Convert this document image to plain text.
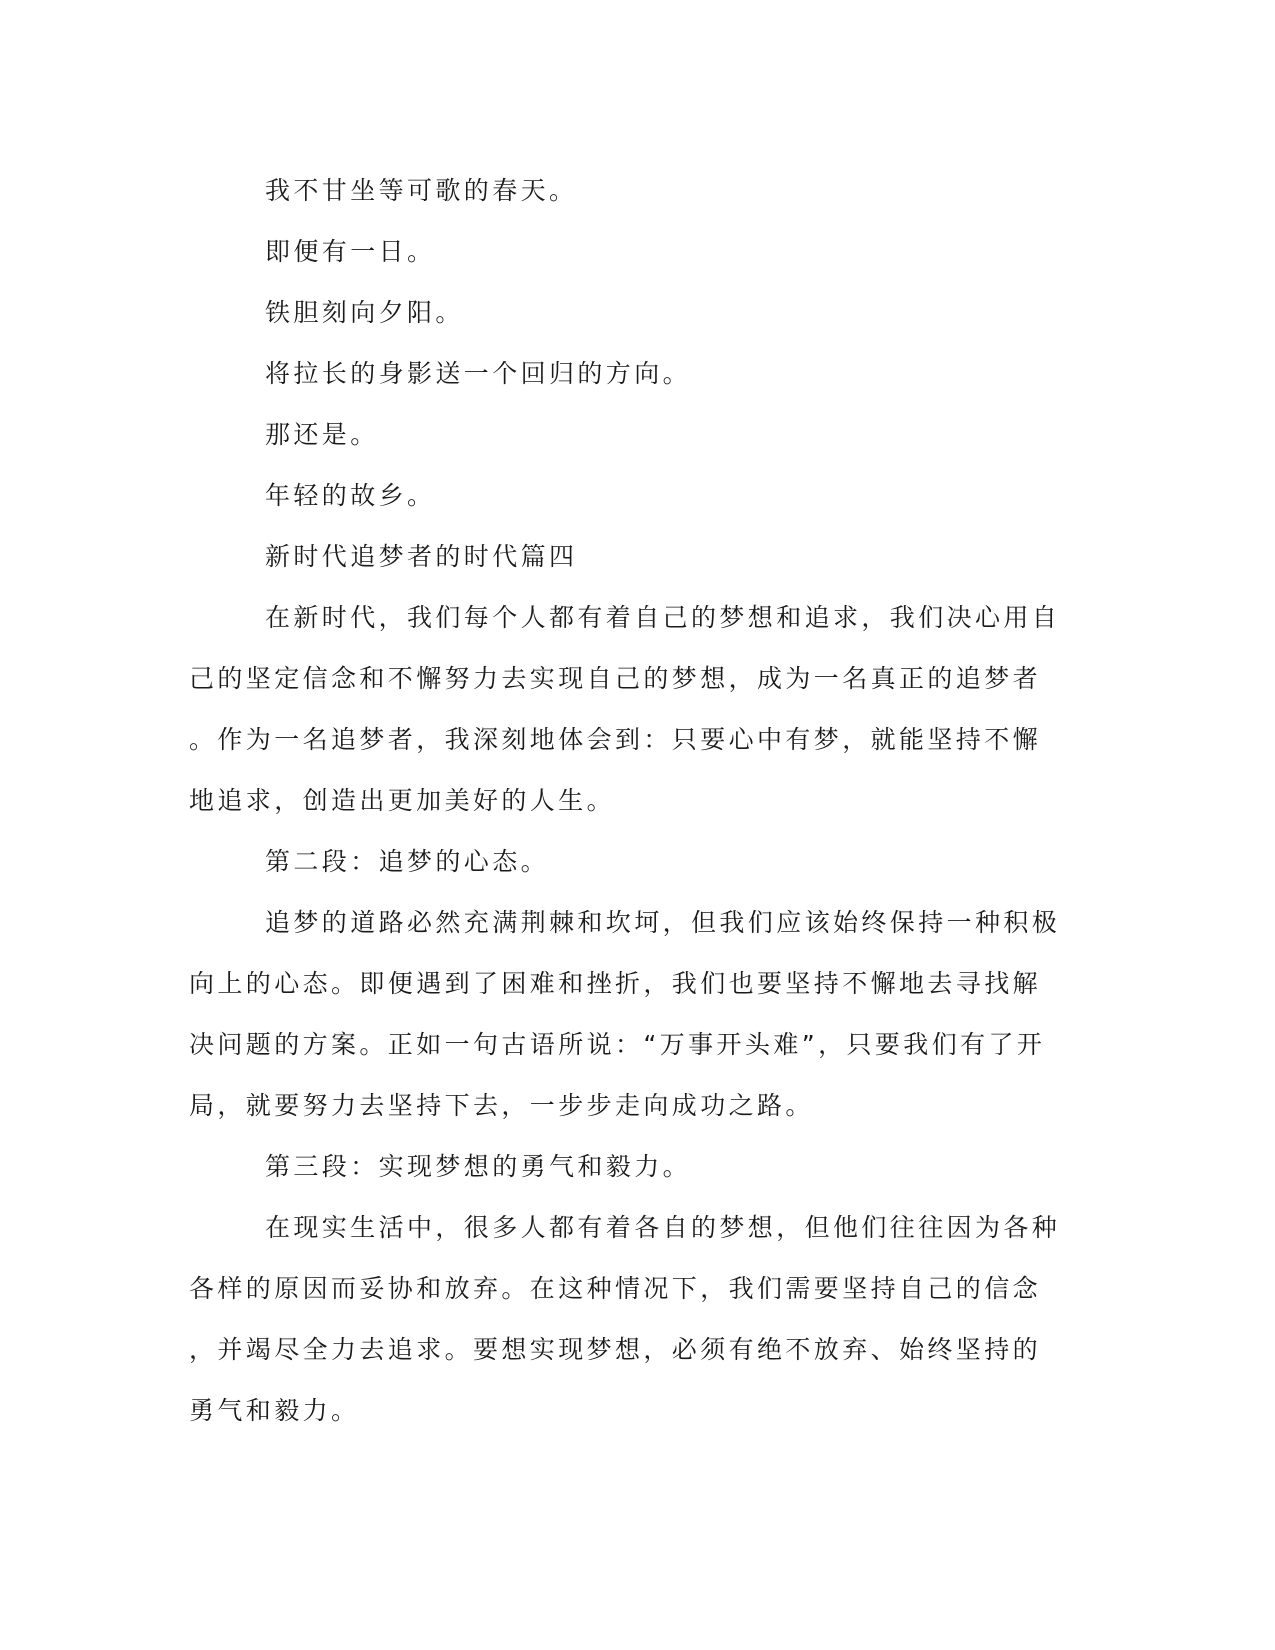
我不甘坐等可歌的春天。
即便有一日。
铁胆刻向夕阳。
将拉长的身影送一个回归的方向。
那还是。
年轻的故乡。
新时代追梦者的时代篇四
在新时代，我们每个人都有着自己的梦想和追求，我们决心用自
己的坚定信念和不懈努力去实现自己的梦想，成为一名真正的追梦者
。作为一名追梦者，我深刻地体会到：只要心中有梦，就能坚持不懈
地追求，创造出更加美好的人生。
第二段：追梦的心态。
追梦的道路必然充满荆棘和坎坷，但我们应该始终保持一种积极
向上的心态。即便遇到了困难和挫折，我们也要坚持不懈地去寻找解
决问题的方案。正如一句古语所说：“万事开头难”，只要我们有了开
局，就要努力去坚持下去，一步步走向成功之路。
第三段：实现梦想的勇气和毅力。
在现实生活中，很多人都有着各自的梦想，但他们往往因为各种
各样的原因而妥协和放弃。在这种情况下，我们需要坚持自己的信念
，并竭尽全力去追求。要想实现梦想，必须有绝不放弃、始终坚持的
勇气和毅力。
